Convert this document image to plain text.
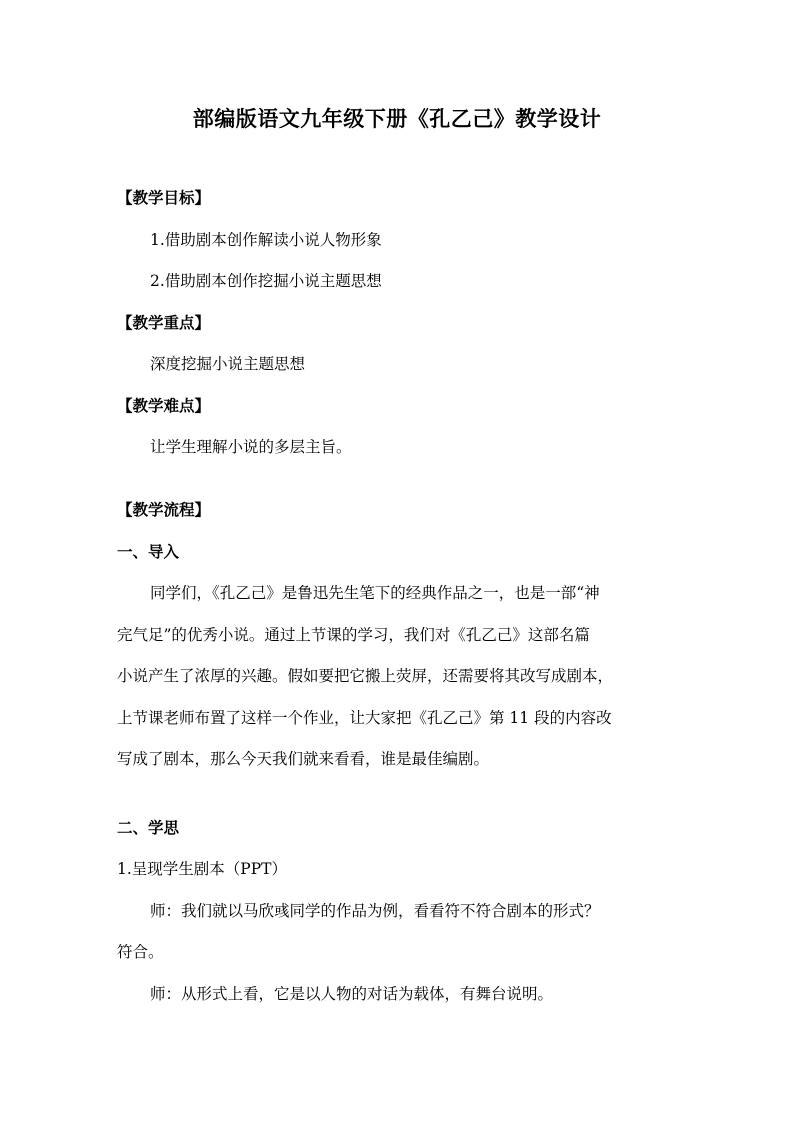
部编版语文九年级下册《孔乙己》教学设计
【教学目标】
1.借助剧本创作解读小说人物形象
2.借助剧本创作挖掘小说主题思想
【教学重点】
深度挖掘小说主题思想
【教学难点】
让学生理解小说的多层主旨。
【教学流程】
一、导入
同学们，《孔乙己》是鲁迅先生笔下的经典作品之一，也是一部“神
完气足”的优秀小说。通过上节课的学习，我们对《孔乙己》这部名篇
小说产生了浓厚的兴趣。假如要把它搬上荧屏，还需要将其改写成剧本，
上节课老师布置了这样一个作业，让大家把《孔乙己》第 11 段的内容改
写成了剧本，那么今天我们就来看看，谁是最佳编剧。
二、学思
1.呈现学生剧本（PPT）
师：我们就以马欣彧同学的作品为例，看看符不符合剧本的形式？
符合。
师：从形式上看，它是以人物的对话为载体，有舞台说明。
